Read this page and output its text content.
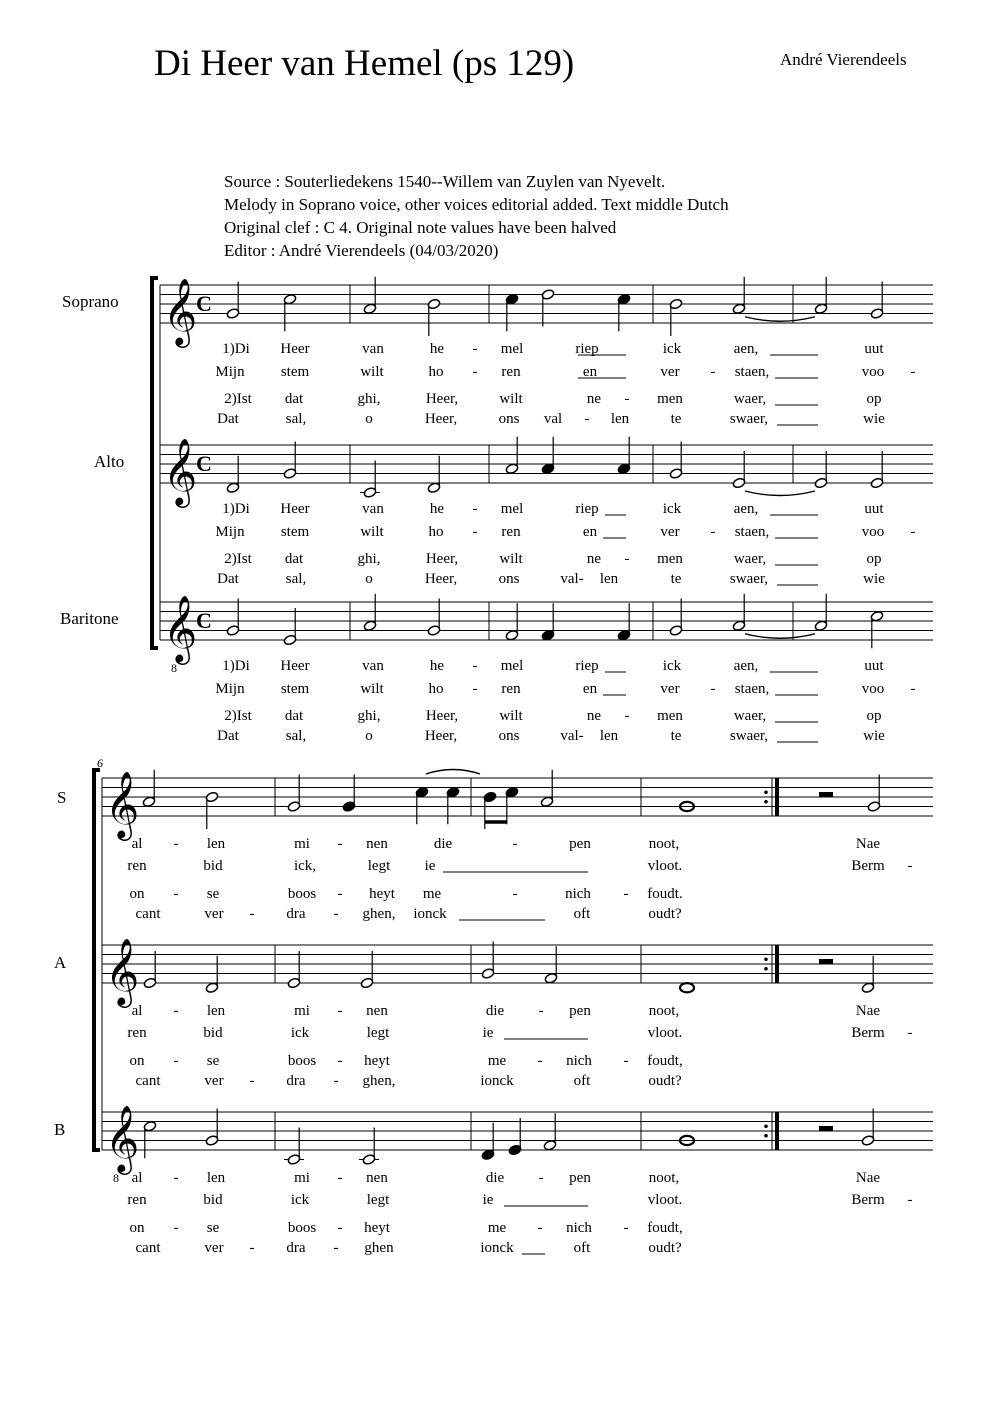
Di Heer van Hemel (ps 129)	André Vierendeels
Source : Souterliedekens 1540--Willem van Zuylen van Nyevelt.
Melody in Soprano voice, other voices editorial added. Text middle Dutch
Original clef : C 4. Original note values have been halved
Editor : André Vierendeels (04/03/2020)
Soprano
Alto
Baritone
S
A
B
𝄞
C
1)Di Heer	van	he - mel	riep	ick	aen,	uut
Mijn stem	wilt	ho - ren	en	ver - staen,	voo -
2)Ist dat	ghi,	Heer,	wilt	ne - men	waer,	op
Dat	sal,	o	Heer,	ons val - len	te	swaer,	wie
𝄞
C
1)Di Heer	van	he - mel	riep	ick	aen,	uut
Mijn stem	wilt	ho - ren	en	ver - staen,	voo -
2)Ist dat	ghi,	Heer,	wilt	ne - men	waer,	op
Dat	sal,	o	Heer,	ons	val- len	te	swaer,	wie
𝄞
8
C
1)Di Heer	van	he - mel	riep	ick	aen,	uut
Mijn stem	wilt	ho - ren	en	ver - staen,	voo -
2)Ist dat	ghi,	Heer,	wilt	ne - men	waer,	op
Dat	sal,	o	Heer,	ons	val- len	te	swaer,	wie
6
𝄞
al - len	mi - nen	die	-	pen	noot,	Nae
ren	bid	ick,	legt ie	vloot.	Berm -
on - se	boos - heyt me	-	nich - foudt.
cant	ver - dra - ghen, ionck	oft	oudt?
𝄞
al - len	mi - nen	die - pen	noot,	Nae
ren	bid	ick	legt	ie	vloot.	Berm -
on - se	boos - heyt	me - nich - foudt,
cant	ver - dra - ghen,	ionck	oft	oudt?
𝄞
8 al - len	mi - nen	die - pen	noot,	Nae
ren	bid	ick	legt	ie	vloot.	Berm -
on - se	boos - heyt	me - nich - foudt,
cant	ver - dra - ghen	ionck	oft	oudt?
